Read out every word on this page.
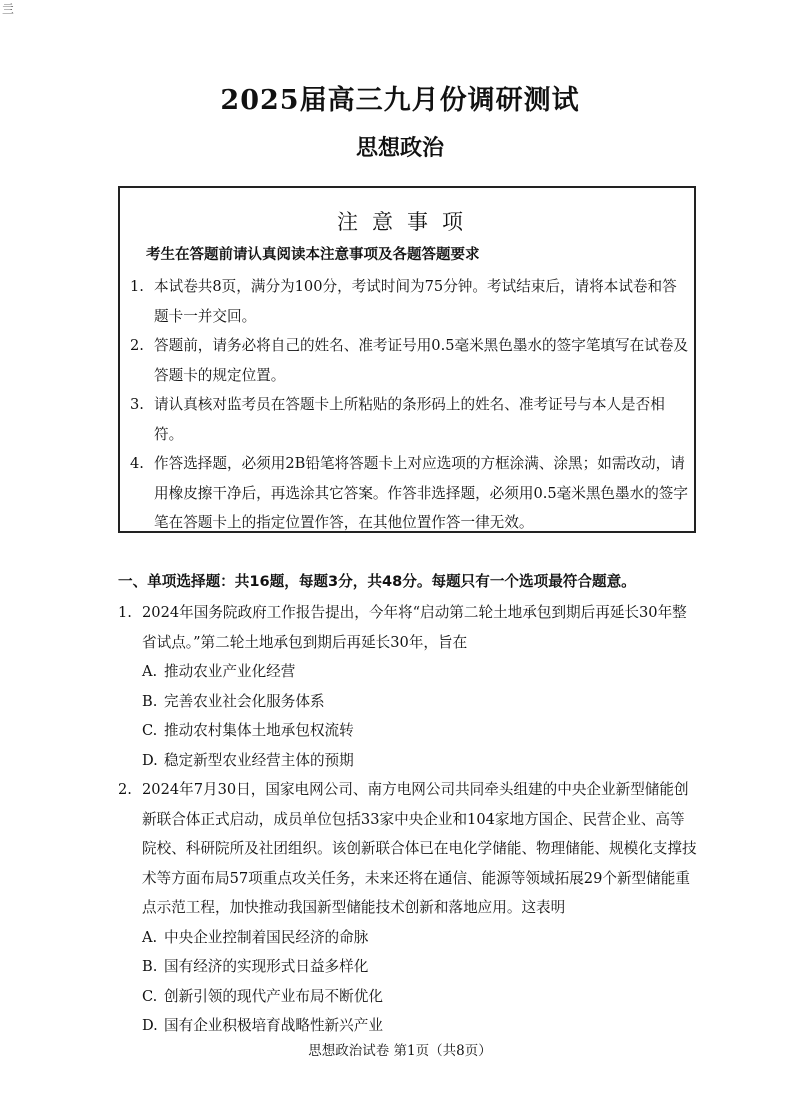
亖
2025届高三九月份调研测试
思想政治
注意事项
考生在答题前请认真阅读本注意事项及各题答题要求
1. 本试卷共8页，满分为100分，考试时间为75分钟。考试结束后，请将本试卷和答题卡一并交回。
2. 答题前，请务必将自己的姓名、准考证号用0.5毫米黑色墨水的签字笔填写在试卷及答题卡的规定位置。
3. 请认真核对监考员在答题卡上所粘贴的条形码上的姓名、准考证号与本人是否相符。
4. 作答选择题，必须用2B铅笔将答题卡上对应选项的方框涂满、涂黑；如需改动，请用橡皮擦干净后，再选涂其它答案。作答非选择题，必须用0.5毫米黑色墨水的签字笔在答题卡上的指定位置作答，在其他位置作答一律无效。
一、单项选择题：共16题，每题3分，共48分。每题只有一个选项最符合题意。
1. 2024年国务院政府工作报告提出，今年将“启动第二轮土地承包到期后再延长30年整省试点。”第二轮土地承包到期后再延长30年，旨在
A. 推动农业产业化经营
B. 完善农业社会化服务体系
C. 推动农村集体土地承包权流转
D. 稳定新型农业经营主体的预期
2. 2024年7月30日，国家电网公司、南方电网公司共同牵头组建的中央企业新型储能创新联合体正式启动，成员单位包括33家中央企业和104家地方国企、民营企业、高等院校、科研院所及社团组织。该创新联合体已在电化学储能、物理储能、规模化支撑技术等方面布局57项重点攻关任务，未来还将在通信、能源等领域拓展29个新型储能重点示范工程，加快推动我国新型储能技术创新和落地应用。这表明
A. 中央企业控制着国民经济的命脉
B. 国有经济的实现形式日益多样化
C. 创新引领的现代产业布局不断优化
D. 国有企业积极培育战略性新兴产业
思想政治试卷 第1页（共8页）
